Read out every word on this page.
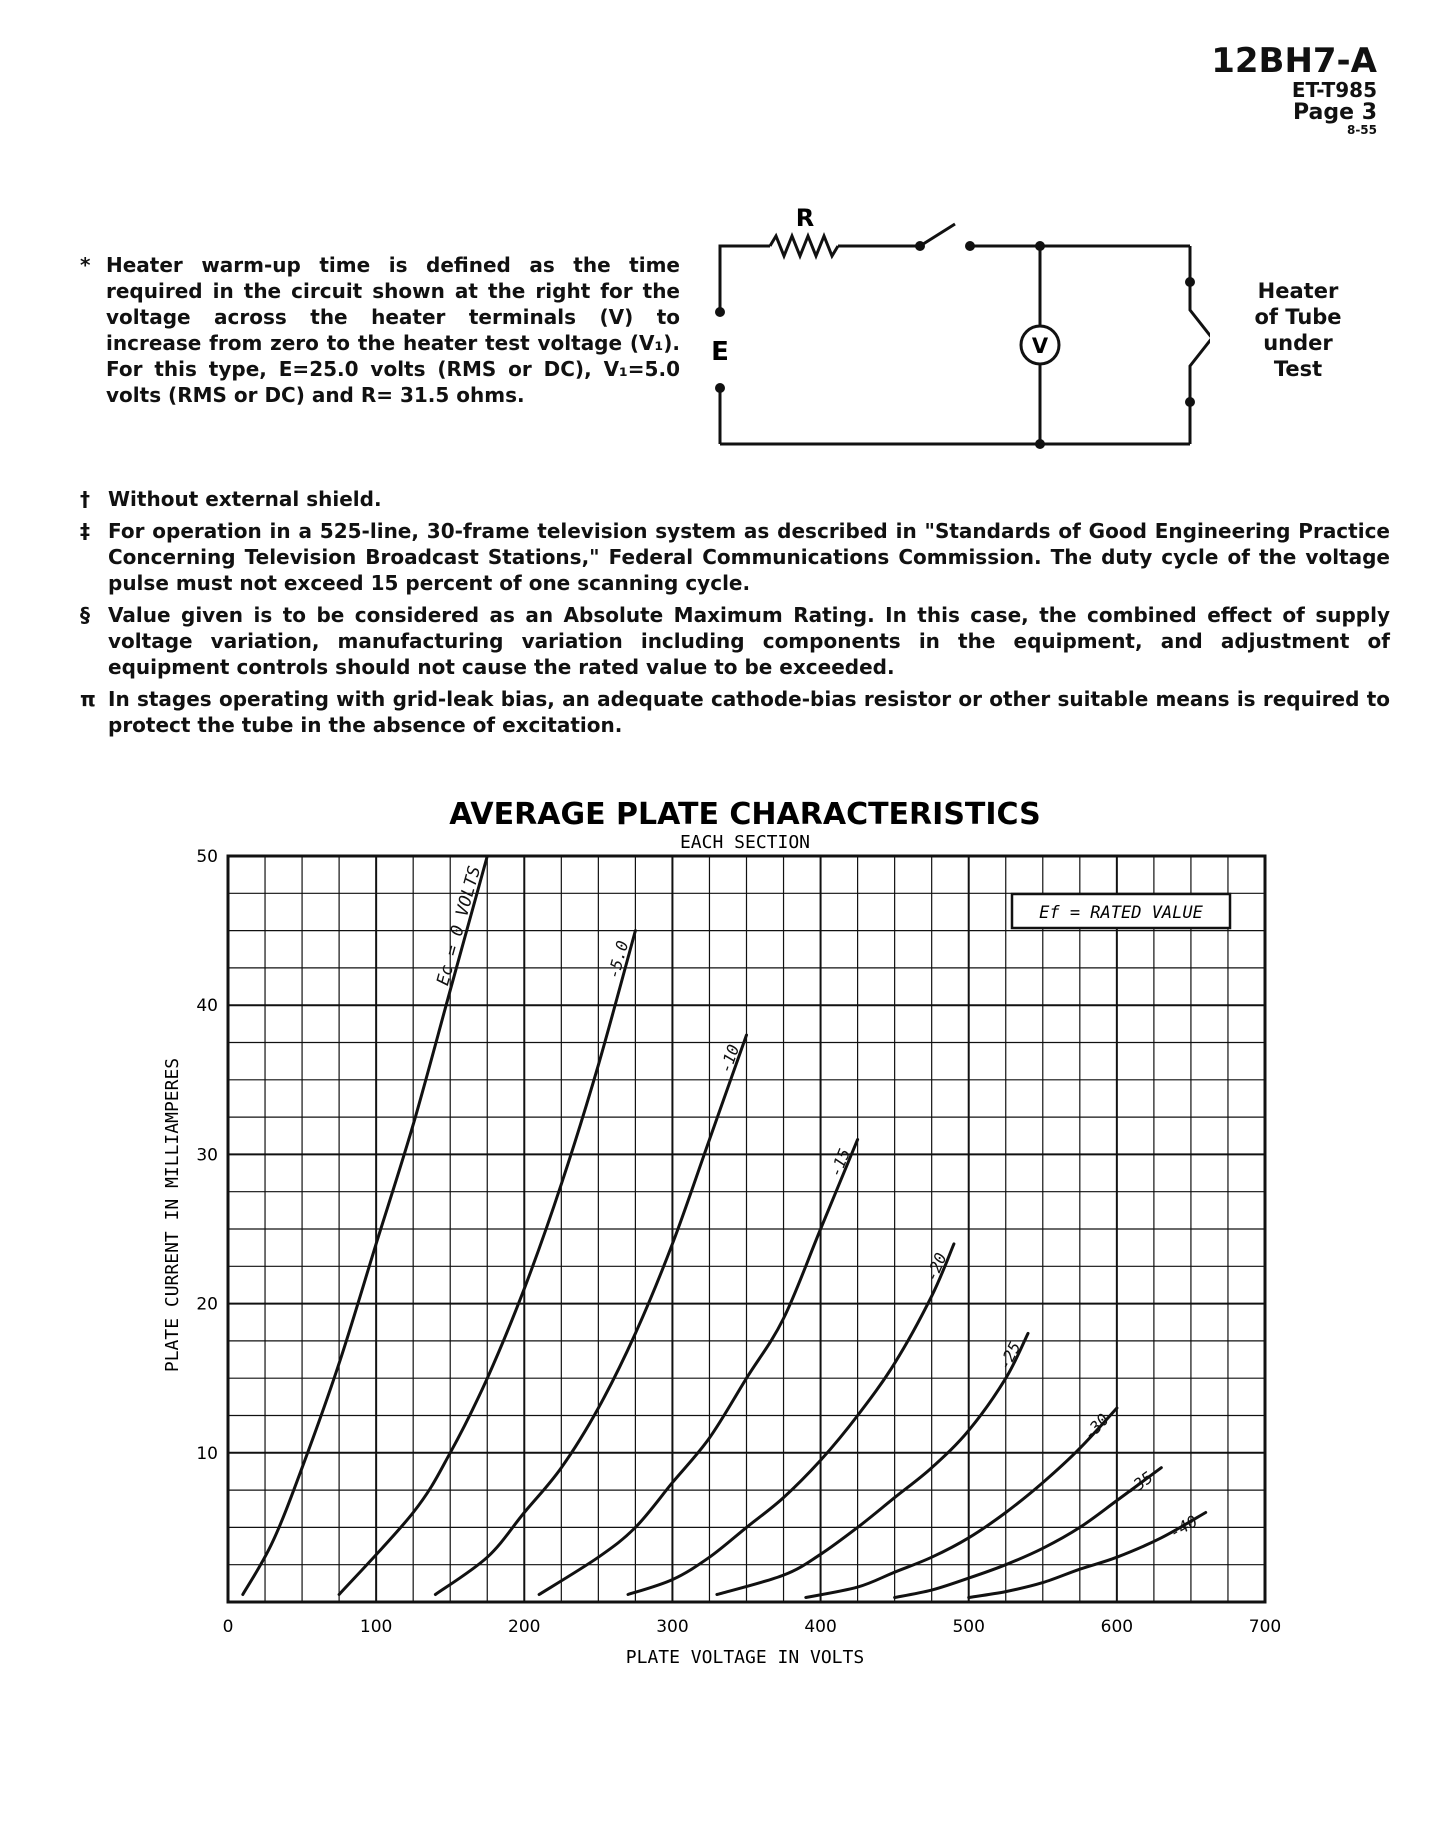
12BH7-A
ET-T985
Page 3
8-55
* Heater warm-up time is defined as the time required in the circuit shown at the right for the voltage across the heater terminals (V) to increase from zero to the heater test voltage (V₁). For this type, E=25.0 volts (RMS or DC), V₁=5.0 volts (RMS or DC) and R= 31.5 ohms.
R
E	V
Heater
of Tube
under
Test
† Without external shield.
‡ For operation in a 525-line, 30-frame television system as described in "Standards of Good Engineering Practice Concerning Television Broadcast Stations," Federal Communications Commission. The duty cycle of the voltage pulse must not exceed 15 percent of one scanning cycle.
§ Value given is to be considered as an Absolute Maximum Rating. In this case, the combined effect of supply voltage variation, manufacturing variation including components in the equipment, and adjustment of equipment controls should not cause the rated value to be exceeded.
π In stages operating with grid-leak bias, an adequate cathode-bias resistor or other suitable means is required to protect the tube in the absence of excitation.
AVERAGE PLATE CHARACTERISTICS
EACH SECTION
0	100	200	300	400	500	600	700
10
20
30
40
50
Ec = 0 VOLTS	-5.0
-10
-15
-20
-25
-30
-35
-40
Ef = RATED VALUE
PLATE CURRENT IN MILLIAMPERES
PLATE VOLTAGE IN VOLTS
